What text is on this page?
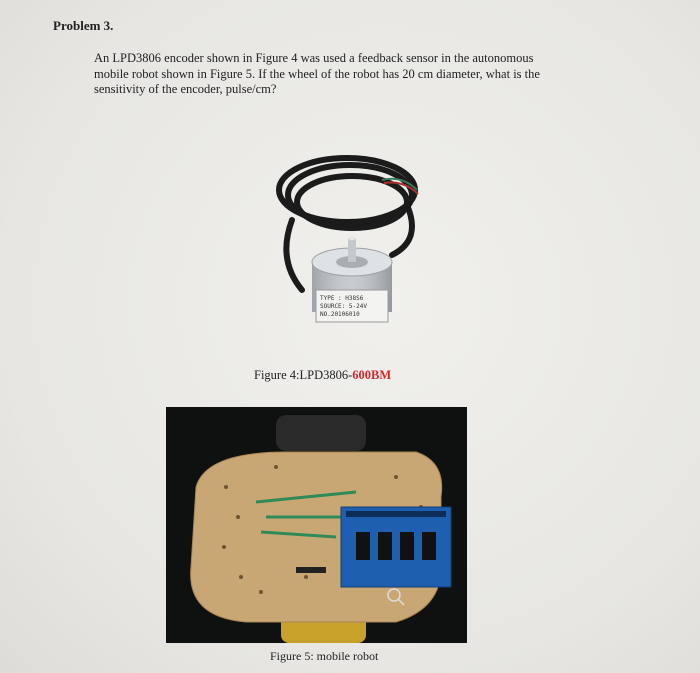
Problem 3.
An LPD3806 encoder shown in Figure 4 was used a feedback sensor in the autonomous
mobile robot shown in Figure 5. If the wheel of the robot has 20 cm diameter, what is the
sensitivity of the encoder, pulse/cm?
TYPE : H38S6
SOURCE: 5-24V
NO.20106010
Figure 4:LPD3806-600BM
Figure 5: mobile robot
